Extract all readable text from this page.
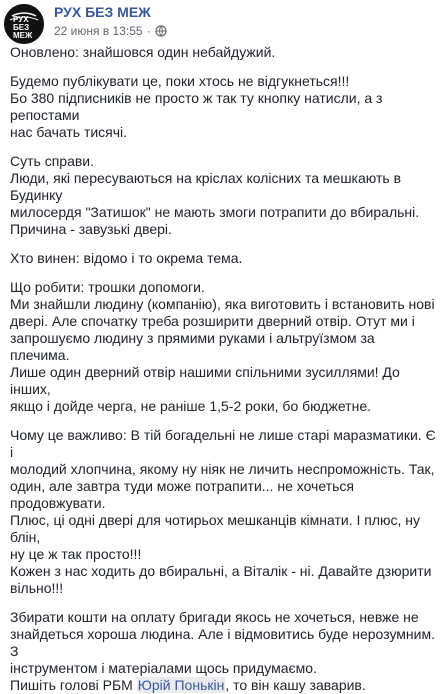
РУХ
БЕЗ
МЕЖ
РУХ БЕЗ МЕЖ
22 июня в 13:55 ·

Оновлено: знайшовся один небайдужий.

Будемо публікувати це, поки хтось не відгукнеться!!!

Бо 380 підписників не просто ж так ту кнопку натисли, а з репостами

нас бачать тисячі.

Суть справи.

Люди, які пересуваються на кріслах колісних та мешкають в Будинку

милосердя "Затишок" не мають змоги потрапити до вбиральні.

Причина - завузькі двері.

Хто винен: відомо і то окрема тема.

Що робити: трошки допомоги.

Ми знайшли людину (компанію), яка виготовить і встановить нові

двері. Але спочатку треба розширити дверний отвір. Отут ми і

запрошуємо людину з прямими руками і альтруїзмом за плечима.

Лише один дверний отвір нашими спільними зусиллями! До інших,

якщо і дойде черга, не раніше 1,5-2 роки, бо бюджетне.

Чому це важливо: В тій богадельні не лише старі маразматики. Є і

молодий хлопчина, якому ну ніяк не личить неспроможність. Так,

один, але завтра туди може потрапити... не хочеться продовжувати.

Плюс, ці одні двері для чотирьох мешканців кімнати. І плюс, ну блін,

ну це ж так просто!!!

Кожен з нас ходить до вбиральні, а Віталік - ні. Давайте дзюрити

вільно!!!

Збирати кошти на оплату бригади якось не хочеться, невже не

знайдеться хороша людина. Але і відмовитись буде нерозумним. З

інструментом і матеріалами щось придумаємо.

Пишіть голові РБМ Юрій Понькін, то він кашу заварив.
